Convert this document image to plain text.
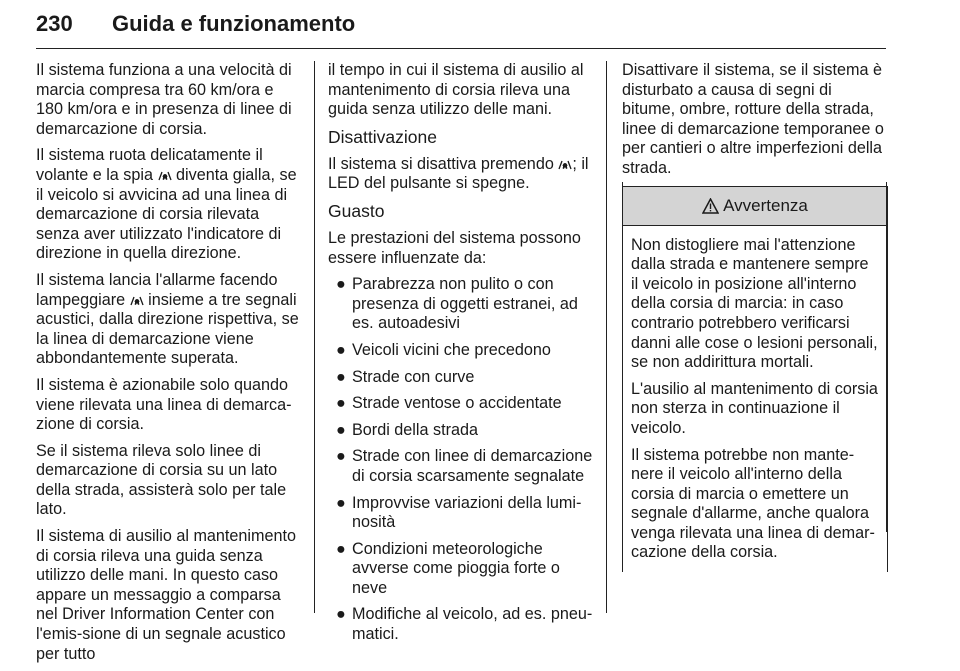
230 Guida e funzionamento

Il sistema funziona a una velocità di marcia compresa tra 60 km/ora e 180 km/ora e in presenza di linee di demarcazione di corsia.

Il sistema ruota delicatamente il volante e la spia  diventa gialla, se il veicolo si avvicina ad una linea di demarcazione di corsia rilevata senza aver utilizzato l'indicatore di direzione in quella direzione.

Il sistema lancia l'allarme facendo lampeggiare  insieme a tre segnali acustici, dalla direzione rispettiva, se la linea di demarcazione viene abbondantemente superata.

Il sistema è azionabile solo quando viene rilevata una linea di demarca-zione di corsia.

Se il sistema rileva solo linee di demarcazione di corsia su un lato della strada, assisterà solo per tale lato.

Il sistema di ausilio al mantenimento di corsia rileva una guida senza utilizzo delle mani. In questo caso appare un messaggio a comparsa nel Driver Information Center con l'emis-sione di un segnale acustico per tutto

il tempo in cui il sistema di ausilio al mantenimento di corsia rileva una guida senza utilizzo delle mani.

Disattivazione

Il sistema si disattiva premendo ; il LED del pulsante si spegne.

Guasto

Le prestazioni del sistema possono essere influenzate da:

● Parabrezza non pulito o con presenza di oggetti estranei, ad es. autoadesivi
● Veicoli vicini che precedono
● Strade con curve
● Strade ventose o accidentate
● Bordi della strada
● Strade con linee di demarcazione di corsia scarsamente segnalate
● Improvvise variazioni della lumi-nosità
● Condizioni meteorologiche avverse come pioggia forte o neve
● Modifiche al veicolo, ad es. pneu-matici.

Disattivare il sistema, se il sistema è disturbato a causa di segni di bitume, ombre, rotture della strada, linee di demarcazione temporanee o per cantieri o altre imperfezioni della strada.

Avvertenza

Non distogliere mai l'attenzione dalla strada e mantenere sempre il veicolo in posizione all'interno della corsia di marcia: in caso contrario potrebbero verificarsi danni alle cose o lesioni personali, se non addirittura mortali.

L'ausilio al mantenimento di corsia non sterza in continuazione il veicolo.

Il sistema potrebbe non mante-nere il veicolo all'interno della corsia di marcia o emettere un segnale d'allarme, anche qualora venga rilevata una linea di demar-cazione della corsia.
